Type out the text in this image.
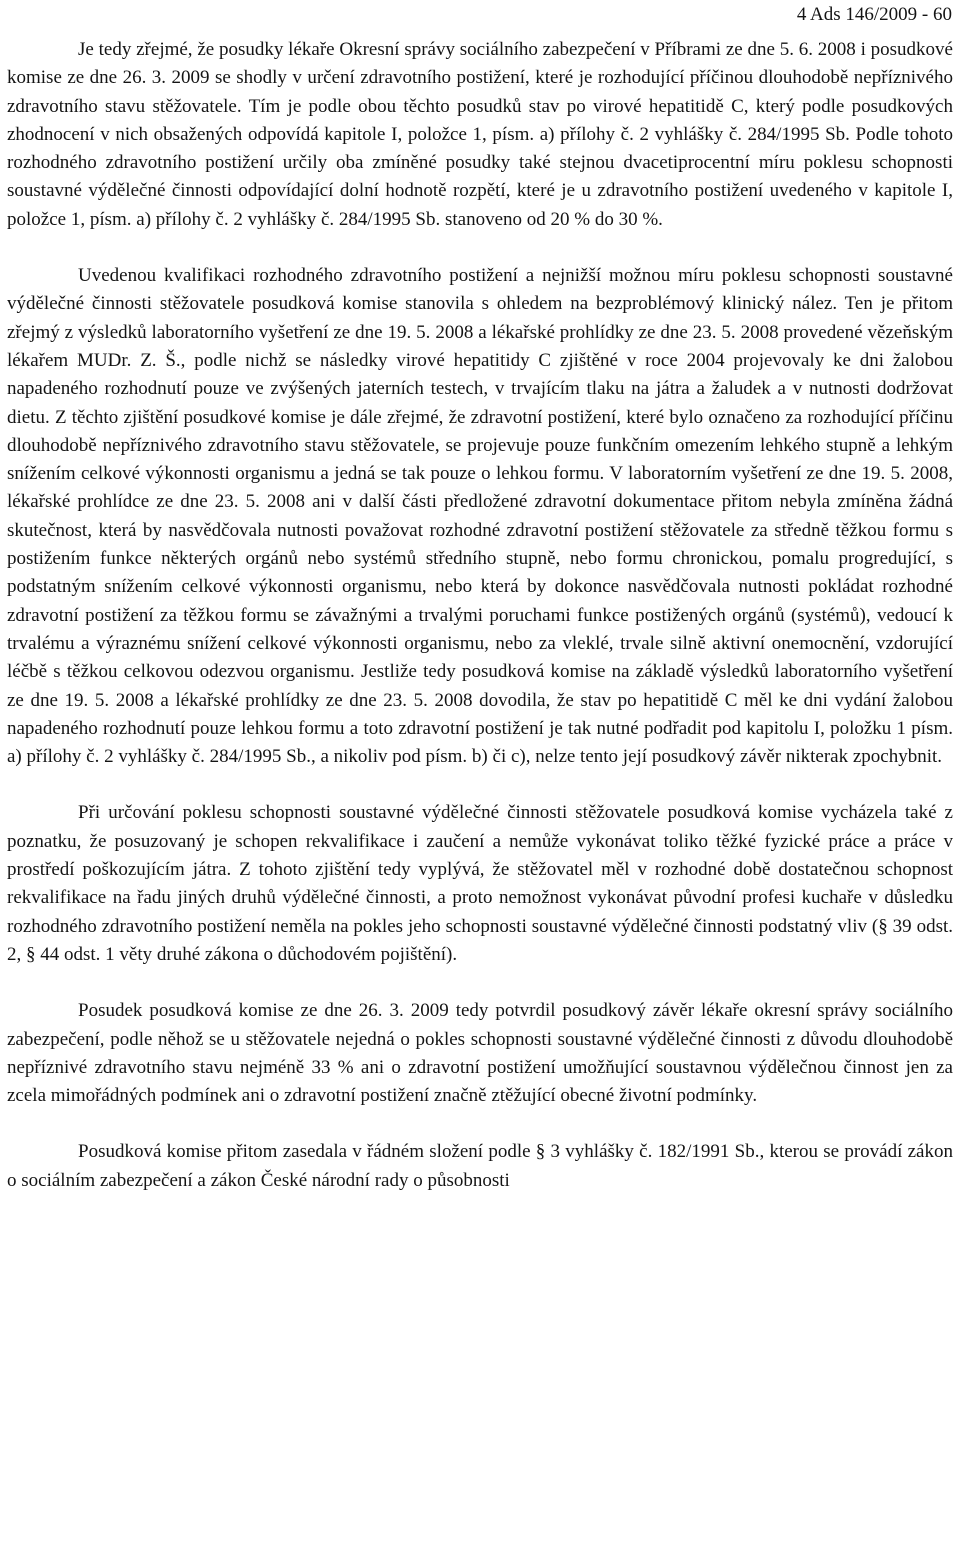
4 Ads 146/2009 - 60

Je tedy zřejmé, že posudky lékaře Okresní správy sociálního zabezpečení v Příbrami ze dne 5. 6. 2008 i posudkové komise ze dne 26. 3. 2009 se shodly v určení zdravotního postižení, které je rozhodující příčinou dlouhodobě nepříznivého zdravotního stavu stěžovatele. Tím je podle obou těchto posudků stav po virové hepatitidě C, který podle posudkových zhodnocení v nich obsažených odpovídá kapitole I, položce 1, písm. a) přílohy č. 2 vyhlášky č. 284/1995 Sb. Podle tohoto rozhodného zdravotního postižení určily oba zmíněné posudky také stejnou dvacetiprocentní míru poklesu schopnosti soustavné výdělečné činnosti odpovídající dolní hodnotě rozpětí, které je u zdravotního postižení uvedeného v kapitole I, položce 1, písm. a) přílohy č. 2 vyhlášky č. 284/1995 Sb. stanoveno od 20 % do 30 %.

Uvedenou kvalifikaci rozhodného zdravotního postižení a nejnižší možnou míru poklesu schopnosti soustavné výdělečné činnosti stěžovatele posudková komise stanovila s ohledem na bezproblémový klinický nález. Ten je přitom zřejmý z výsledků laboratorního vyšetření ze dne 19. 5. 2008 a lékařské prohlídky ze dne 23. 5. 2008 provedené vězeňským lékařem MUDr. Z. Š., podle nichž se následky virové hepatitidy C zjištěné v roce 2004 projevovaly ke dni žalobou napadeného rozhodnutí pouze ve zvýšených jaterních testech, v trvajícím tlaku na játra a žaludek a v nutnosti dodržovat dietu. Z těchto zjištění posudkové komise je dále zřejmé, že zdravotní postižení, které bylo označeno za rozhodující příčinu dlouhodobě nepříznivého zdravotního stavu stěžovatele, se projevuje pouze funkčním omezením lehkého stupně a lehkým snížením celkové výkonnosti organismu a jedná se tak pouze o lehkou formu. V laboratorním vyšetření ze dne 19. 5. 2008, lékařské prohlídce ze dne 23. 5. 2008 ani v další části předložené zdravotní dokumentace přitom nebyla zmíněna žádná skutečnost, která by nasvědčovala nutnosti považovat rozhodné zdravotní postižení stěžovatele za středně těžkou formu s postižením funkce některých orgánů nebo systémů středního stupně, nebo formu chronickou, pomalu progredující, s podstatným snížením celkové výkonnosti organismu, nebo která by dokonce nasvědčovala nutnosti pokládat rozhodné zdravotní postižení za těžkou formu se závažnými a trvalými poruchami funkce postižených orgánů (systémů), vedoucí k trvalému a výraznému snížení celkové výkonnosti organismu, nebo za vleklé, trvale silně aktivní onemocnění, vzdorující léčbě s těžkou celkovou odezvou organismu. Jestliže tedy posudková komise na základě výsledků laboratorního vyšetření ze dne 19. 5. 2008 a lékařské prohlídky ze dne 23. 5. 2008 dovodila, že stav po hepatitidě C měl ke dni vydání žalobou napadeného rozhodnutí pouze lehkou formu a toto zdravotní postižení je tak nutné podřadit pod kapitolu I, položku 1 písm. a) přílohy č. 2 vyhlášky č. 284/1995 Sb., a nikoliv pod písm. b) či c), nelze tento její posudkový závěr nikterak zpochybnit.

Při určování poklesu schopnosti soustavné výdělečné činnosti stěžovatele posudková komise vycházela také z poznatku, že posuzovaný je schopen rekvalifikace i zaučení a nemůže vykonávat toliko těžké fyzické práce a práce v prostředí poškozujícím játra. Z tohoto zjištění tedy vyplývá, že stěžovatel měl v rozhodné době dostatečnou schopnost rekvalifikace na řadu jiných druhů výdělečné činnosti, a proto nemožnost vykonávat původní profesi kuchaře v důsledku rozhodného zdravotního postižení neměla na pokles jeho schopnosti soustavné výdělečné činnosti podstatný vliv (§ 39 odst. 2, § 44 odst. 1 věty druhé zákona o důchodovém pojištění).

Posudek posudková komise ze dne 26. 3. 2009 tedy potvrdil posudkový závěr lékaře okresní správy sociálního zabezpečení, podle něhož se u stěžovatele nejedná o pokles schopnosti soustavné výdělečné činnosti z důvodu dlouhodobě nepříznivé zdravotního stavu nejméně 33 % ani o zdravotní postižení umožňující soustavnou výdělečnou činnost jen za zcela mimořádných podmínek ani o zdravotní postižení značně ztěžující obecné životní podmínky.

Posudková komise přitom zasedala v řádném složení podle § 3 vyhlášky č. 182/1991 Sb., kterou se provádí zákon o sociálním zabezpečení a zákon České národní rady o působnosti
